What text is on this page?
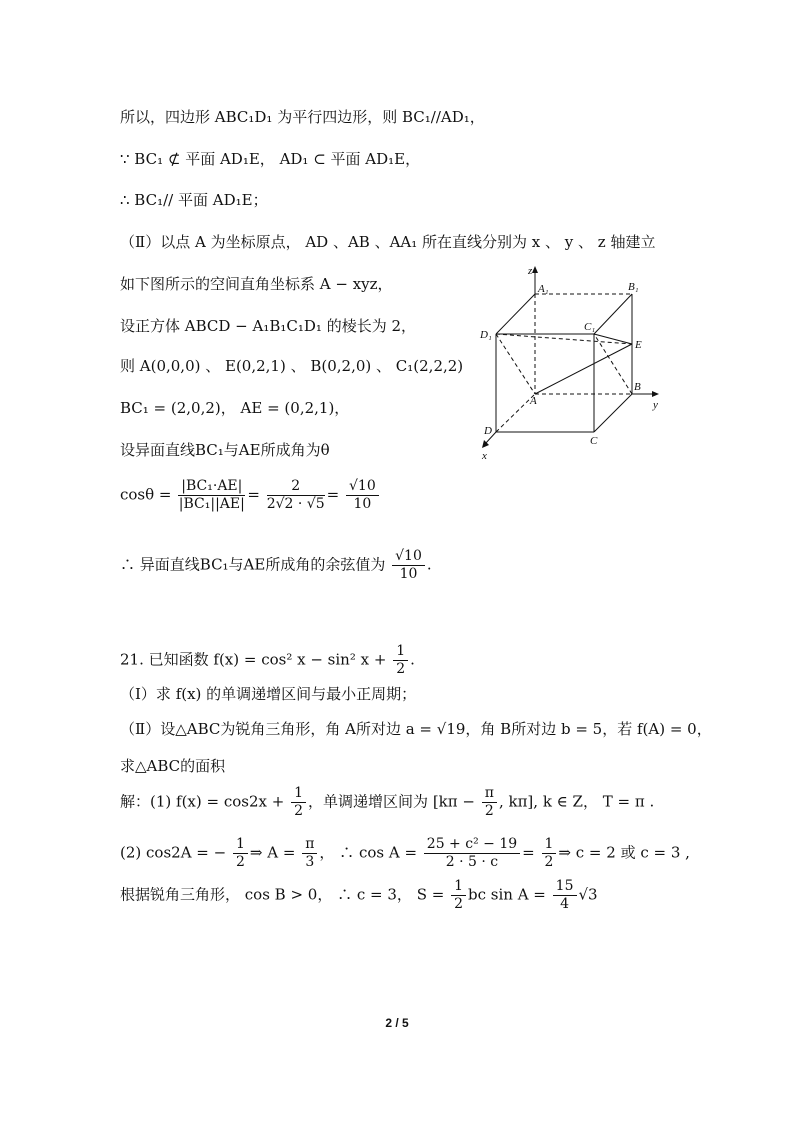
所以，四边形 ABC₁D₁ 为平行四边形，则 BC₁//AD₁，
∵ BC₁ ⊄ 平面 AD₁E， AD₁ ⊂ 平面 AD₁E，
∴ BC₁// 平面 AD₁E；
（Ⅱ）以点 A 为坐标原点， AD 、AB 、AA₁ 所在直线分别为 x 、 y 、 z 轴建立
如下图所示的空间直角坐标系 A − xyz，
设正方体 ABCD − A₁B₁C₁D₁ 的棱长为 2，
则 A(0,0,0) 、 E(0,2,1) 、 B(0,2,0) 、 C₁(2,2,2)
BC₁ = (2,0,2)， AE = (0,2,1)，
设异面直线BC₁与AE所成角为θ
$\cos\theta = \frac{\text{|BC₁·AE|}}{\text{|BC₁||AE|}} = \frac{2}{2√2 \cdot √5} = \frac{√10}{10}$
∴ 异面直线BC₁与AE所成角的余弦值为 $\frac{√10}{10}$ .
21. 已知函数 f(x) = cos² x − sin² $x + \frac{1}{2}$ .
（Ⅰ）求 f(x) 的单调递增区间与最小正周期；
（Ⅱ）设△ABC为锐角三角形，角 A所对边 a = √19，角 B所对边 b = 5，若 f(A) = 0，
求△ABC的面积
解：(1) $f(x) = \cos 2x + \frac{1}{2}$ ，单调递增区间为 [$k\pi - \frac{\pi}{2}$ , kπ], k ∈ Z， T = π .
(2) cos2A = − $\frac{1}{2}$ ⇒ $A = \frac{\pi}{3}$ ， ∴ $\cos A = \frac{\text{25 + c² − 19}}{2 \cdot 5 \cdot c} = \frac{1}{2}$ ⇒ c = 2 或 c = 3 ,
根据锐角三角形， cos B > 0， ∴ c = 3， $S = \frac{1}{2}$ bc $\sin A = \frac{15}{4} √3$
z
A₁	B₁
D₁
C₁
E
A
B
y
D
C
x
2 / 5
